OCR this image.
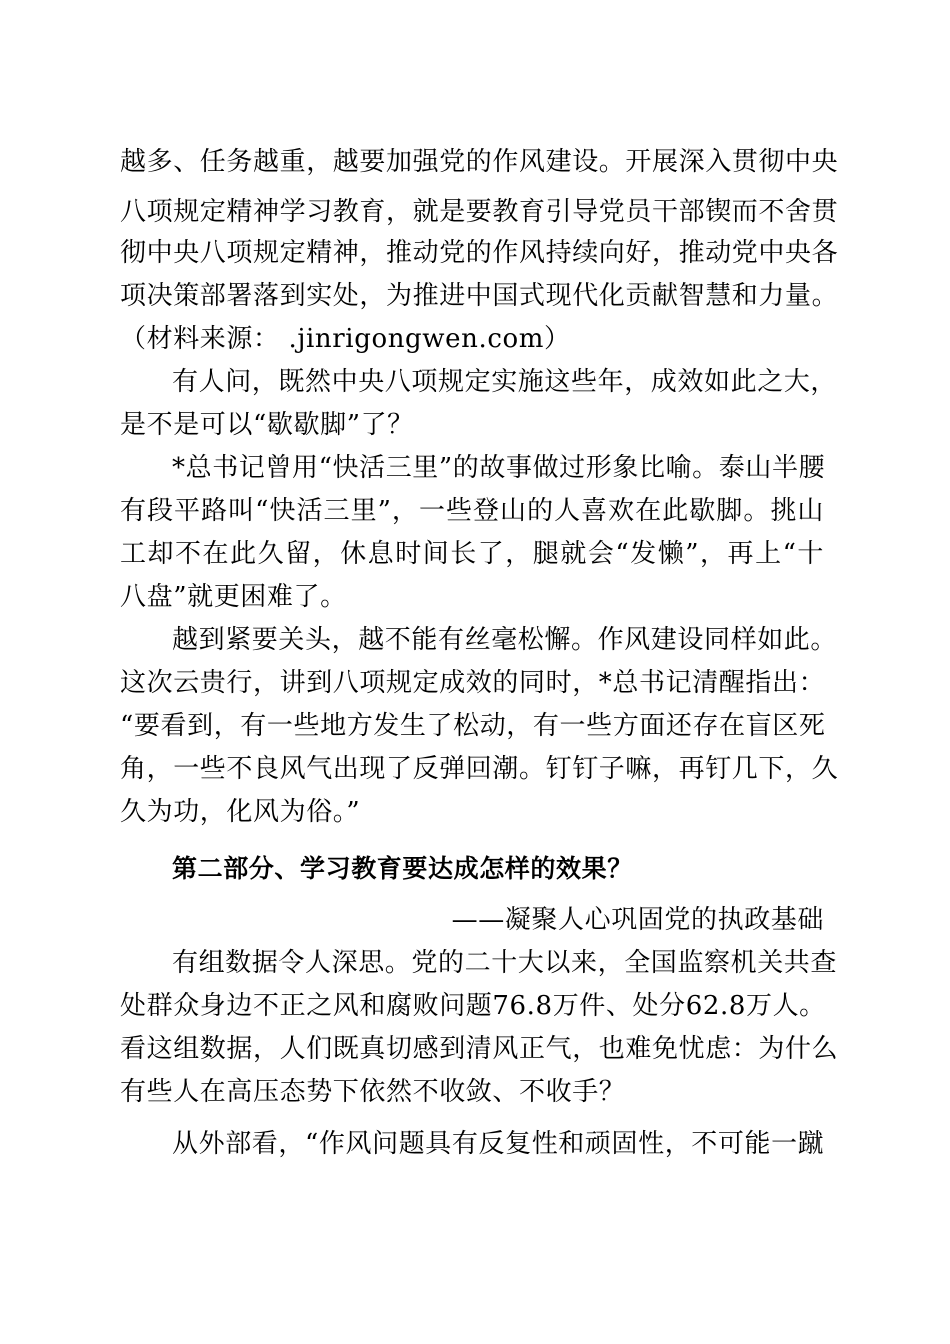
越多、任务越重，越要加强党的作风建设。开展深入贯彻中央
八项规定精神学习教育，就是要教育引导党员干部锲而不舍贯
彻中央八项规定精神，推动党的作风持续向好，推动党中央各
项决策部署落到实处，为推进中国式现代化贡献智慧和力量。
（材料来源： .jinrigongwen.com）
有人问，既然中央八项规定实施这些年，成效如此之大，
是不是可以“歇歇脚”了？
*总书记曾用“快活三里”的故事做过形象比喻。泰山半腰
有段平路叫“快活三里”，一些登山的人喜欢在此歇脚。挑山
工却不在此久留，休息时间长了，腿就会“发懒”，再上“十
八盘”就更困难了。
越到紧要关头，越不能有丝毫松懈。作风建设同样如此。
这次云贵行，讲到八项规定成效的同时，*总书记清醒指出：
“要看到，有一些地方发生了松动，有一些方面还存在盲区死
角，一些不良风气出现了反弹回潮。钉钉子嘛，再钉几下，久
久为功，化风为俗。”
第二部分、学习教育要达成怎样的效果？
——凝聚人心巩固党的执政基础
有组数据令人深思。党的二十大以来，全国监察机关共查
处群众身边不正之风和腐败问题76.8万件、处分62.8万人。
看这组数据，人们既真切感到清风正气，也难免忧虑：为什么
有些人在高压态势下依然不收敛、不收手？
从外部看，“作风问题具有反复性和顽固性，不可能一蹴
